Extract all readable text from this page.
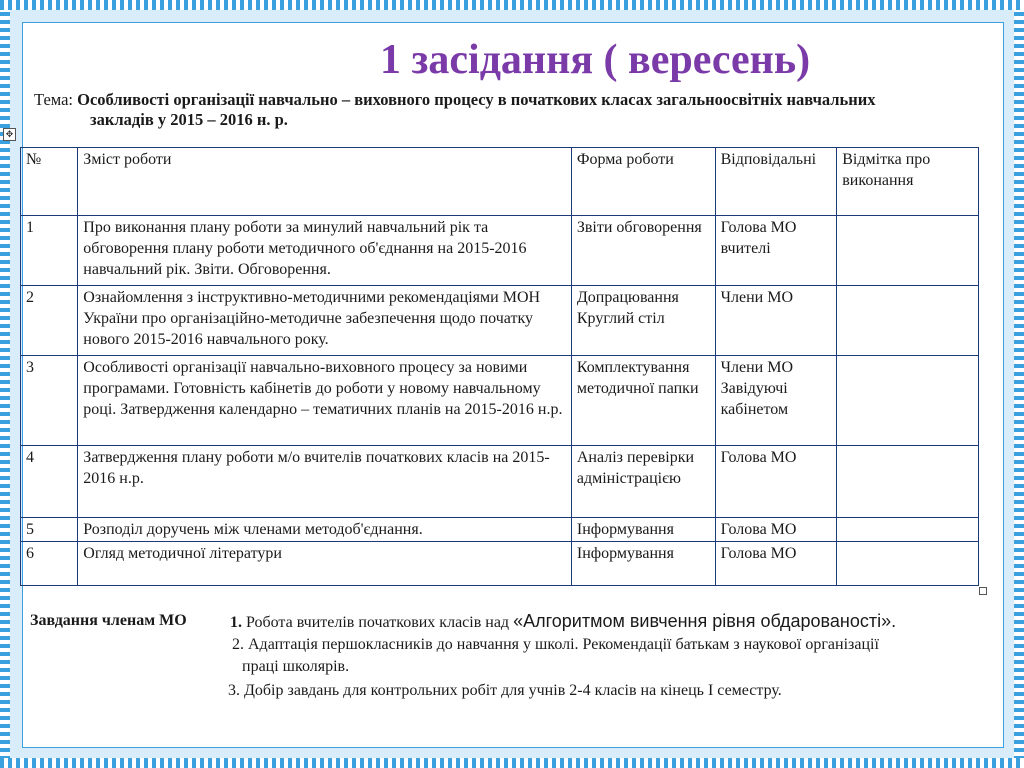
1 засідання ( вересень)
Тема: Особливості організації навчально – виховного процесу в початкових класах загальноосвітніх навчальних
закладів у 2015 – 2016 н. р.
✥
№	Зміст роботи	Форма роботи	Відповідальні	Відмітка про виконання
1	Про виконання плану роботи за минулий навчальний рік та обговорення плану роботи методичного об'єднання на 2015-2016 навчальний рік. Звіти. Обговорення.	Звіти обговорення	Голова МО вчителі	
2	Ознайомлення з інструктивно-методичними рекомендаціями МОН України про організаційно-методичне забезпечення щодо початку нового 2015-2016 навчального року.	Допрацювання Круглий стіл	Члени МО	
3	Особливості організації навчально-виховного процесу за новими програмами. Готовність кабінетів до роботи у новому навчальному році. Затвердження календарно – тематичних планів на 2015-2016 н.р.	Комплектування методичної папки	Члени МО Завідуючі кабінетом	
4	Затвердження плану роботи м/о вчителів початкових класів на 2015-2016 н.р.	Аналіз перевірки адміністрацією	Голова МО	
5	Розподіл доручень між членами методоб'єднання.	Інформування	Голова МО	
6	Огляд методичної літератури	Інформування	Голова МО	
Завдання членам МО	1. Робота вчителів початкових класів над «Алгоритмом вивчення рівня обдарованості».
2. Адаптація першокласників до навчання у школі. Рекомендації батькам з наукової організації
праці школярів.
3. Добір завдань для контрольних робіт для учнів 2-4 класів на кінець І семестру.
